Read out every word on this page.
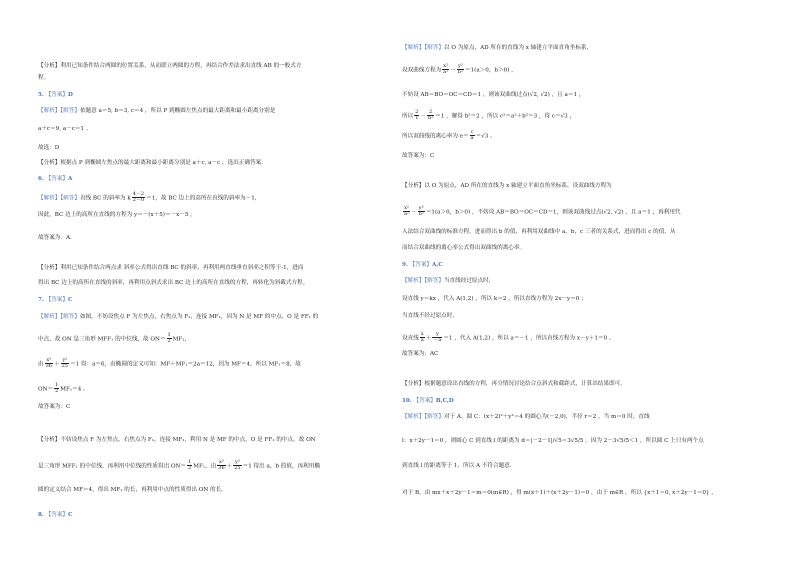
【分析】利用已知条件结合两圆的位置关系，从而联立两圆的方程，再结合作差法求出直线 AB 的一般式方
程。
5. 【答案】D
【解析】【解答】依题意 a＝5, b＝3, c＝4 ，所以 P 到椭圆左焦点的最大距离和最小距离分别是
a＋c＝9, a－c＝1 。
故选：D
【分析】根据点 P 到椭圆左焦点的最大距离和最小距离分别是 a＋c, a－c ，选出正确答案.
6. 【答案】A
【解析】【解答】直线 BC 的斜率为 k $\frac{4-2}{2-0} =1$，故 BC 边上的高所在直线的斜率为－1，
因此，BC 边上的高所在直线的方程为 y＝－(x＋5)＝－x－5 。
故答案为：A.
【分析】利用已知条件结合两点求 斜率公式得出直线 BC 的斜率，再利用两直线垂直斜率之积等于-1，进而
得出 BC 边上的高所在直线的斜率，再利用点斜式求出 BC 边上的高所在直线的方程，再转化为斜截式方程。
7. 【答案】C
【解析】【解答】如图，不妨设焦点 F 为左焦点，右焦点为 F₁，连接 MF₁，因为 N 是 MF 的中点，O 是 FF₁ 的
中点，故 ON 是三角形 MFF₁ 的中位线，故 $ON= \frac{1}{2} MF_1$，
由 $\frac{\text{x²}}{36} + \frac{\text{y²}}{25} =1$ 得：a＝6，由椭圆的定义可知：MF＋MF₁＝2a＝12，因为 MF＝4，所以 MF₁＝8，故
$ON= \frac{1}{2} MF_1=4$ 。
故答案为：C
【分析】不妨设焦点 F 为左焦点，右焦点为 F₁，连接 MF₁，利用 N 是 MF 的中点，O 是 FF₁ 的中点，故 ON
是三角形 MFF₁ 的中位线，再利用中位线的性质得出 $ON= \frac{1}{2} MF_1$，由 $\frac{\text{x²}}{36} + \frac{\text{y²}}{25} =1$ 得出 a，b 的值，再利用椭
圆的定义结合 MF＝4，得出 MF₁ 的长，再利用中点的性质得出 ON 的长。
8. 【答案】C
【解析】【解答】以 O 为原点，AD 所在的直线为 x 轴建立平面直角坐标系，
设双曲线方程为 $\frac{\text{x²}}{\text{a²}} - \frac{\text{y²}}{\text{b²}} =1(a>0$，b＞0) ，
不妨设 AB＝BO＝OC＝CD＝1 ，则该双曲线过点(√2, √2) ，且 a＝1 ，
所以 $\frac{2}{1} - \frac{2}{\text{b²}} =1$ ，解得 b²＝2 ，所以 c²＝a²＋b²＝3 ，得 c＝√3 ，
所以双曲线的离心率为 $e= \frac{c}{a} =√3$ 。
故答案为：C
【分析】以 O 为原点，AD 所在的直线为 x 轴建立平面直角坐标系，设双曲线方程为
$\frac{\text{x²}}{\text{a²}} - \frac{\text{y²}}{\text{b²}} =1(a>0$，b＞0) ，不妨设 AB＝BO＝OC＝CD＝1，则该双曲线过点(√2, √2) ，且 a＝1 ，再利用代
入法结合双曲线的标准方程，进而得出 b 的值，再利用双曲线中 a，b，c 三者的关系式，进而得出 c 的值，从
而结合双曲线的离心率公式得出双曲线的离心率。
9. 【答案】A,C
【解析】【解答】当直线经过原点时，
设直线 y＝kx ，代入 A(1,2) ，所以 k＝2 ，所以直线方程为 2x－y＝0 ；
当直线不经过原点时，
设直线 $\frac{x}{a} + \frac{y}{-a} =1$ ，代入 A(1,2) ，所以 a＝－1 ，所以直线方程为 x－y＋1＝0 。
故答案为：AC
【分析】根据题意设出直线的方程，再分情况讨论结合点斜式和截距式，计算出结果即可。
10. 【答案】B,C,D
【解析】【解答】对于 A，圆 C：(x＋2)²＋y²＝4 的圆心为(－2,0)，半径 r＝2 ，当 m＝0 时，直线
l：x＋2y－1＝0 ，则圆心 C 到直线 l 的距离为 d＝|－2－1|/√5＝3√5/5 ，因为 2－3√5/5＜1 ，所以圆 C 上只有两个点
到直线 l 的距离等于 1，所以 A 不符合题意.
对于 B，由 mx＋x＋2y－1＝m＝0(m∈R) ，得 m(x＋1)＋(x＋2y－1)＝0 ，由于 m∈R ，所以 {x＋1＝0, x＋2y－1＝0} ，
